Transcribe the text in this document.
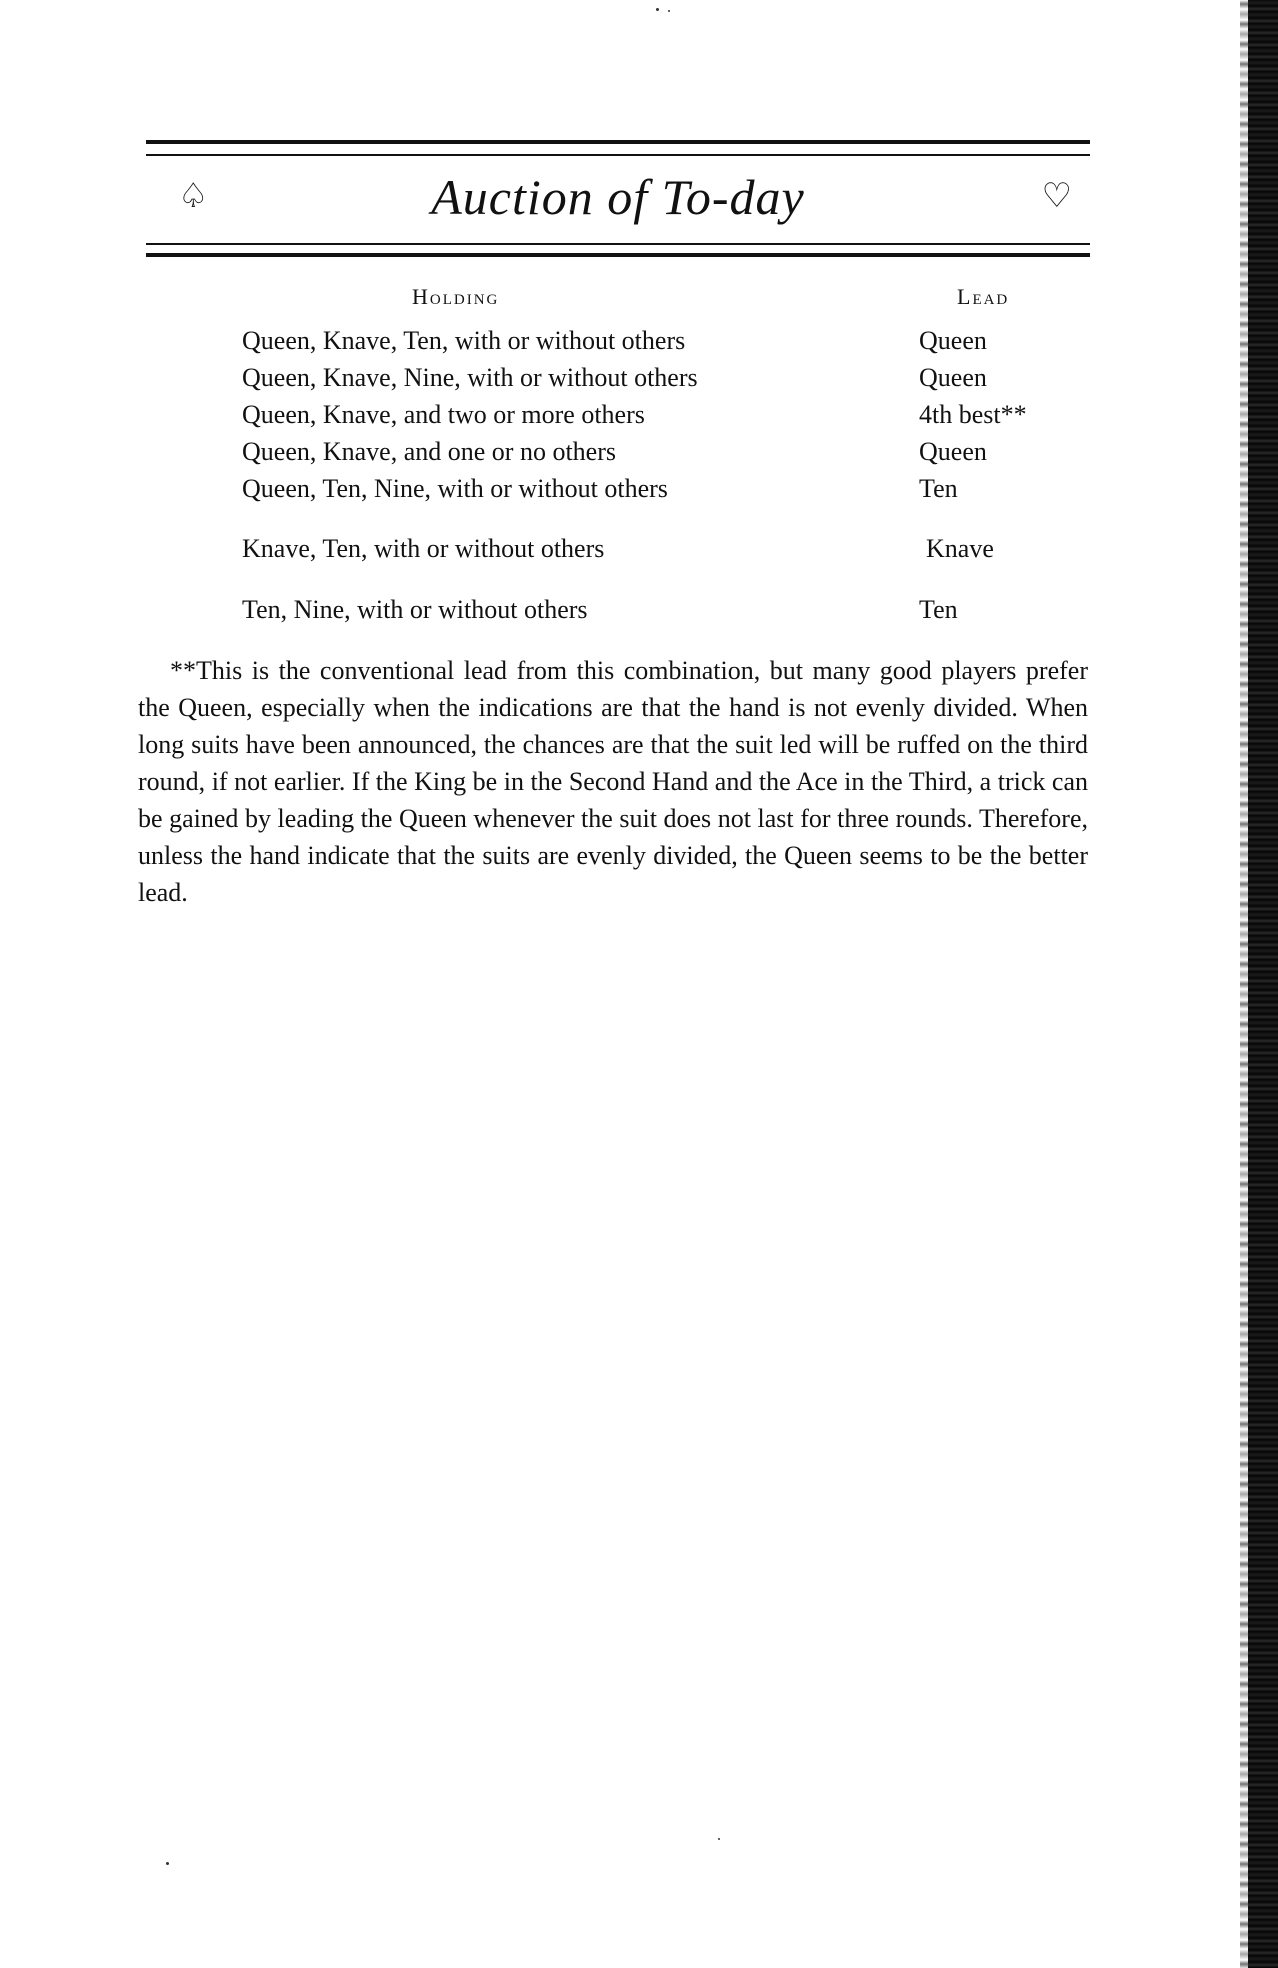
♤	Auction of To-day	♡
Holding	Lead
Queen, Knave, Ten, with or without others	Queen
Queen, Knave, Nine, with or without others	Queen
Queen, Knave, and two or more others	4th best**
Queen, Knave, and one or no others	Queen
Queen, Ten, Nine, with or without others	Ten
Knave, Ten, with or without others	Knave
Ten, Nine, with or without others	Ten

**This is the conventional lead from this combination, but many good players prefer the Queen, especially when the indications are that the hand is not evenly divided. When long suits have been announced, the chances are that the suit led will be ruffed on the third round, if not earlier. If the King be in the Second Hand and the Ace in the Third, a trick can be gained by leading the Queen whenever the suit does not last for three rounds. Therefore, unless the hand indicate that the suits are evenly divided, the Queen seems to be the better lead.
